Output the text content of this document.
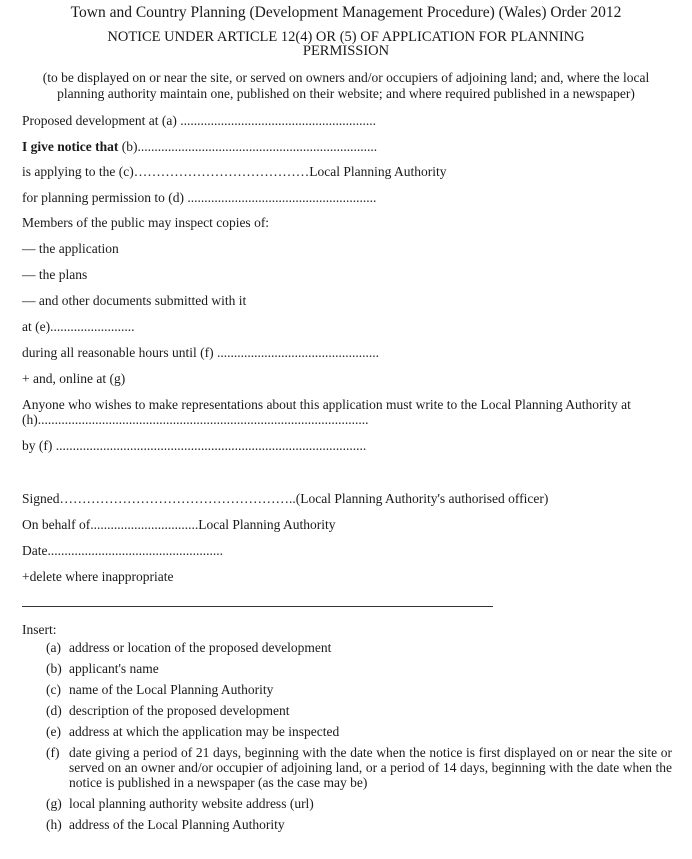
Town and Country Planning (Development Management Procedure) (Wales) Order 2012
NOTICE UNDER ARTICLE 12(4) OR (5) OF APPLICATION FOR PLANNING PERMISSION
(to be displayed on or near the site, or served on owners and/or occupiers of adjoining land; and, where the local planning authority maintain one, published on their website; and where required published in a newspaper)
Proposed development at (a) ..........................................................
I give notice that (b).......................................................................
is applying to the (c)…………………………………Local Planning Authority
for planning permission to (d) ........................................................
Members of the public may inspect copies of:
— the application
— the plans
— and other documents submitted with it
at (e).........................
during all reasonable hours until (f) ................................................
+ and, online at (g)
Anyone who wishes to make representations about this application must write to the Local Planning Authority at (h)..................................................................................................
by (f) ............................................................................................
Signed……………………………………………..(Local Planning Authority's authorised officer)
On behalf of................................Local Planning Authority
Date....................................................
+delete where inappropriate
Insert:
(a) address or location of the proposed development
(b) applicant's name
(c) name of the Local Planning Authority
(d) description of the proposed development
(e) address at which the application may be inspected
(f) date giving a period of 21 days, beginning with the date when the notice is first displayed on or near the site or served on an owner and/or occupier of adjoining land, or a period of 14 days, beginning with the date when the notice is published in a newspaper (as the case may be)
(g) local planning authority website address (url)
(h) address of the Local Planning Authority
